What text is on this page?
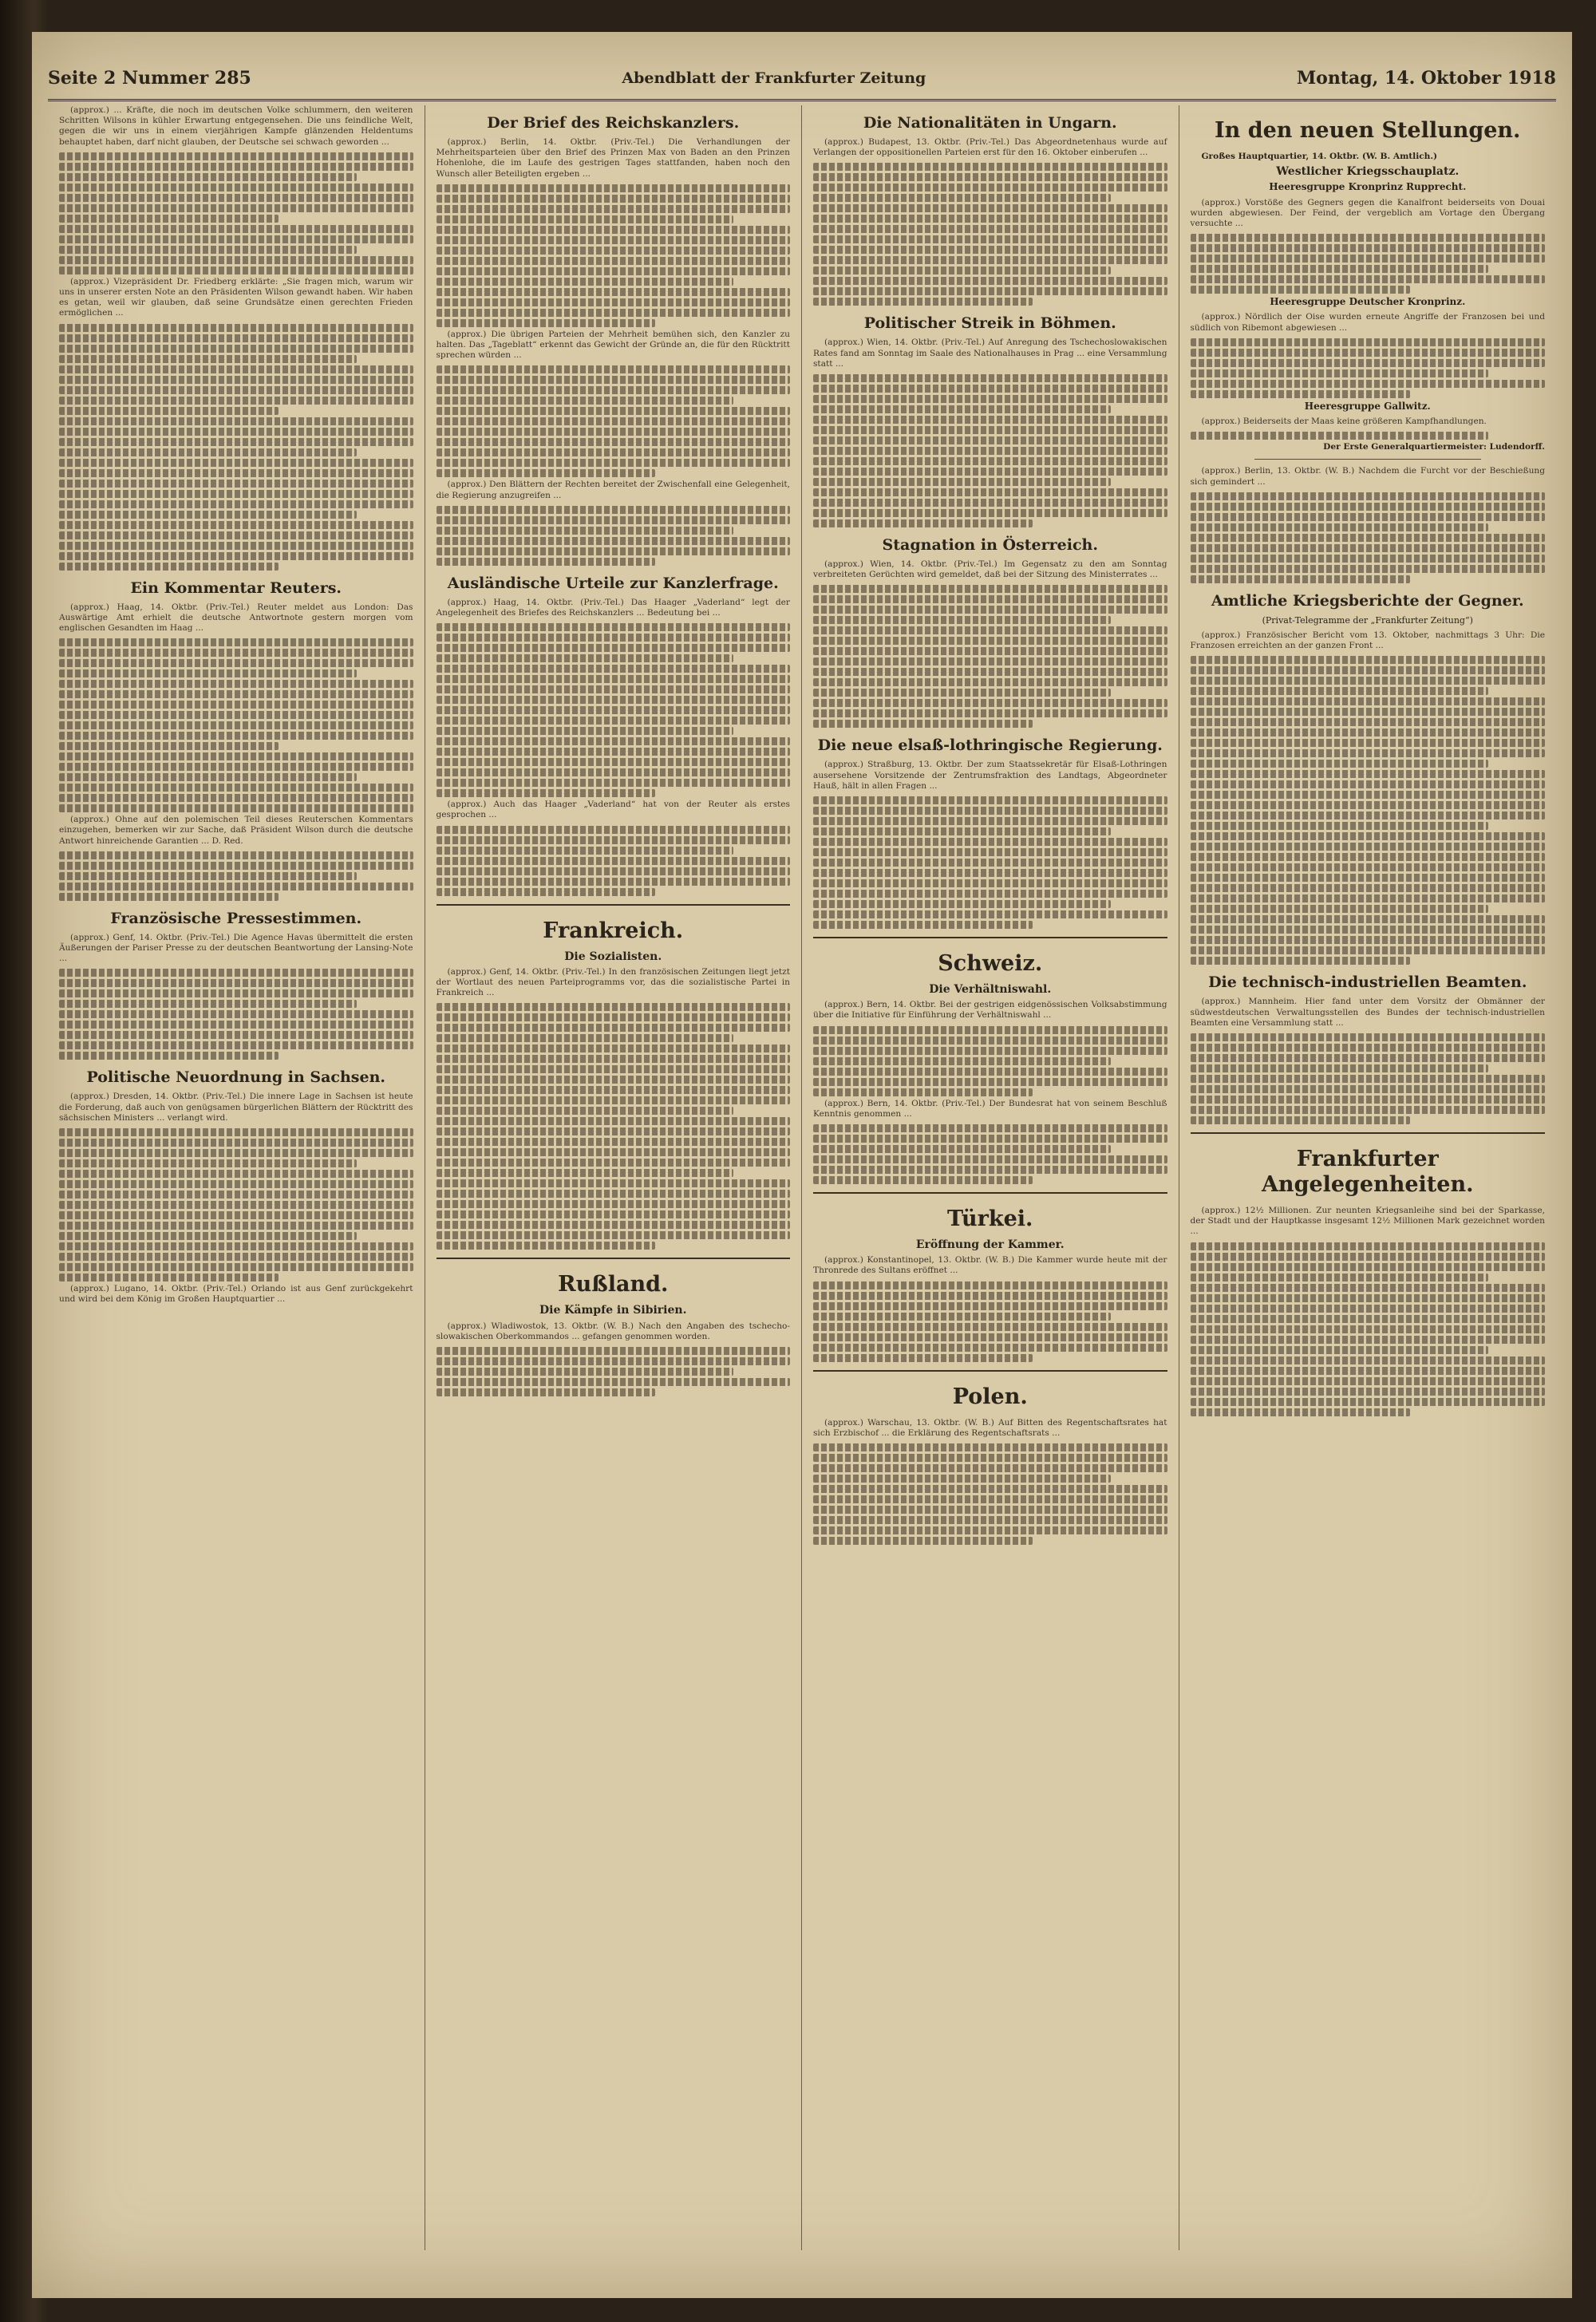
Seite 2 Nummer 285	Abendblatt der Frankfurter Zeitung	Montag, 14. Oktober 1918

(approx.) ... Kräfte, die noch im deutschen Volke schlummern, den weiteren Schritten Wilsons in kühler Erwartung entgegensehen. Die uns feindliche Welt, gegen die wir uns in einem vierjährigen Kampfe glänzenden Heldentums behauptet haben, darf nicht glauben, der Deutsche sei schwach geworden ...

(approx.) Vizepräsident Dr. Friedberg erklärte: „Sie fragen mich, warum wir uns in unserer ersten Note an den Präsidenten Wilson gewandt haben. Wir haben es getan, weil wir glauben, daß seine Grundsätze einen gerechten Frieden ermöglichen ...

Ein Kommentar Reuters.

(approx.) Haag, 14. Oktbr. (Priv.-Tel.) Reuter meldet aus London: Das Auswärtige Amt erhielt die deutsche Antwortnote gestern morgen vom englischen Gesandten im Haag ...

(approx.) Ohne auf den polemischen Teil dieses Reuterschen Kommentars einzugehen, bemerken wir zur Sache, daß Präsident Wilson durch die deutsche Antwort hinreichende Garantien ... D. Red.

Französische Pressestimmen.

(approx.) Genf, 14. Oktbr. (Priv.-Tel.) Die Agence Havas übermittelt die ersten Äußerungen der Pariser Presse zu der deutschen Beantwortung der Lansing-Note ...

Politische Neuordnung in Sachsen.

(approx.) Dresden, 14. Oktbr. (Priv.-Tel.) Die innere Lage in Sachsen ist heute die Forderung, daß auch von genügsamen bürgerlichen Blättern der Rücktritt des sächsischen Ministers ... verlangt wird.

(approx.) Lugano, 14. Oktbr. (Priv.-Tel.) Orlando ist aus Genf zurückgekehrt und wird bei dem König im Großen Hauptquartier ...

Der Brief des Reichskanzlers.

(approx.) Berlin, 14. Oktbr. (Priv.-Tel.) Die Verhandlungen der Mehrheitsparteien über den Brief des Prinzen Max von Baden an den Prinzen Hohenlohe, die im Laufe des gestrigen Tages stattfanden, haben noch den Wunsch aller Beteiligten ergeben ...

(approx.) Die übrigen Parteien der Mehrheit bemühen sich, den Kanzler zu halten. Das „Tageblatt“ erkennt das Gewicht der Gründe an, die für den Rücktritt sprechen würden ...

(approx.) Den Blättern der Rechten bereitet der Zwischenfall eine Gelegenheit, die Regierung anzugreifen ...

Ausländische Urteile zur Kanzlerfrage.

(approx.) Haag, 14. Oktbr. (Priv.-Tel.) Das Haager „Vaderland“ legt der Angelegenheit des Briefes des Reichskanzlers ... Bedeutung bei ...

(approx.) Auch das Haager „Vaderland“ hat von der Reuter als erstes gesprochen ...

Frankreich.
Die Sozialisten.

(approx.) Genf, 14. Oktbr. (Priv.-Tel.) In den französischen Zeitungen liegt jetzt der Wortlaut des neuen Parteiprogramms vor, das die sozialistische Partei in Frankreich ...

Rußland.
Die Kämpfe in Sibirien.

(approx.) Wladiwostok, 13. Oktbr. (W. B.) Nach den Angaben des tschecho-slowakischen Oberkommandos ... gefangen genommen worden.

Die Nationalitäten in Ungarn.

(approx.) Budapest, 13. Oktbr. (Priv.-Tel.) Das Abgeordnetenhaus wurde auf Verlangen der oppositionellen Parteien erst für den 16. Oktober einberufen ...

Politischer Streik in Böhmen.

(approx.) Wien, 14. Oktbr. (Priv.-Tel.) Auf Anregung des Tschechoslowakischen Rates fand am Sonntag im Saale des Nationalhauses in Prag ... eine Versammlung statt ...

Stagnation in Österreich.

(approx.) Wien, 14. Oktbr. (Priv.-Tel.) Im Gegensatz zu den am Sonntag verbreiteten Gerüchten wird gemeldet, daß bei der Sitzung des Ministerrates ...

Die neue elsaß-lothringische Regierung.

(approx.) Straßburg, 13. Oktbr. Der zum Staatssekretär für Elsaß-Lothringen ausersehene Vorsitzende der Zentrumsfraktion des Landtags, Abgeordneter Hauß, hält in allen Fragen ...

Schweiz.
Die Verhältniswahl.

(approx.) Bern, 14. Oktbr. Bei der gestrigen eidgenössischen Volksabstimmung über die Initiative für Einführung der Verhältniswahl ...

(approx.) Bern, 14. Oktbr. (Priv.-Tel.) Der Bundesrat hat von seinem Beschluß Kenntnis genommen ...

Türkei.
Eröffnung der Kammer.

(approx.) Konstantinopel, 13. Oktbr. (W. B.) Die Kammer wurde heute mit der Thronrede des Sultans eröffnet ...

Polen.

(approx.) Warschau, 13. Oktbr. (W. B.) Auf Bitten des Regentschaftsrates hat sich Erzbischof ... die Erklärung des Regentschaftsrats ...

In den neuen Stellungen.

Großes Hauptquartier, 14. Oktbr. (W. B. Amtlich.)

Westlicher Kriegsschauplatz.
Heeresgruppe Kronprinz Rupprecht.

(approx.) Vorstöße des Gegners gegen die Kanalfront beiderseits von Douai wurden abgewiesen. Der Feind, der vergeblich am Vortage den Übergang versuchte ...

Heeresgruppe Deutscher Kronprinz.

(approx.) Nördlich der Oise wurden erneute Angriffe der Franzosen bei und südlich von Ribemont abgewiesen ...

Heeresgruppe Gallwitz.

(approx.) Beiderseits der Maas keine größeren Kampfhandlungen.

Der Erste Generalquartiermeister: Ludendorff.

(approx.) Berlin, 13. Oktbr. (W. B.) Nachdem die Furcht vor der Beschießung sich gemindert ...

Amtliche Kriegsberichte der Gegner.
(Privat-Telegramme der „Frankfurter Zeitung“)

(approx.) Französischer Bericht vom 13. Oktober, nachmittags 3 Uhr: Die Franzosen erreichten an der ganzen Front ...

Die technisch-industriellen Beamten.

(approx.) Mannheim. Hier fand unter dem Vorsitz der Obmänner der südwestdeutschen Verwaltungsstellen des Bundes der technisch-industriellen Beamten eine Versammlung statt ...

Frankfurter Angelegenheiten.

(approx.) 12½ Millionen. Zur neunten Kriegsanleihe sind bei der Sparkasse, der Stadt und der Hauptkasse insgesamt 12½ Millionen Mark gezeichnet worden ...
